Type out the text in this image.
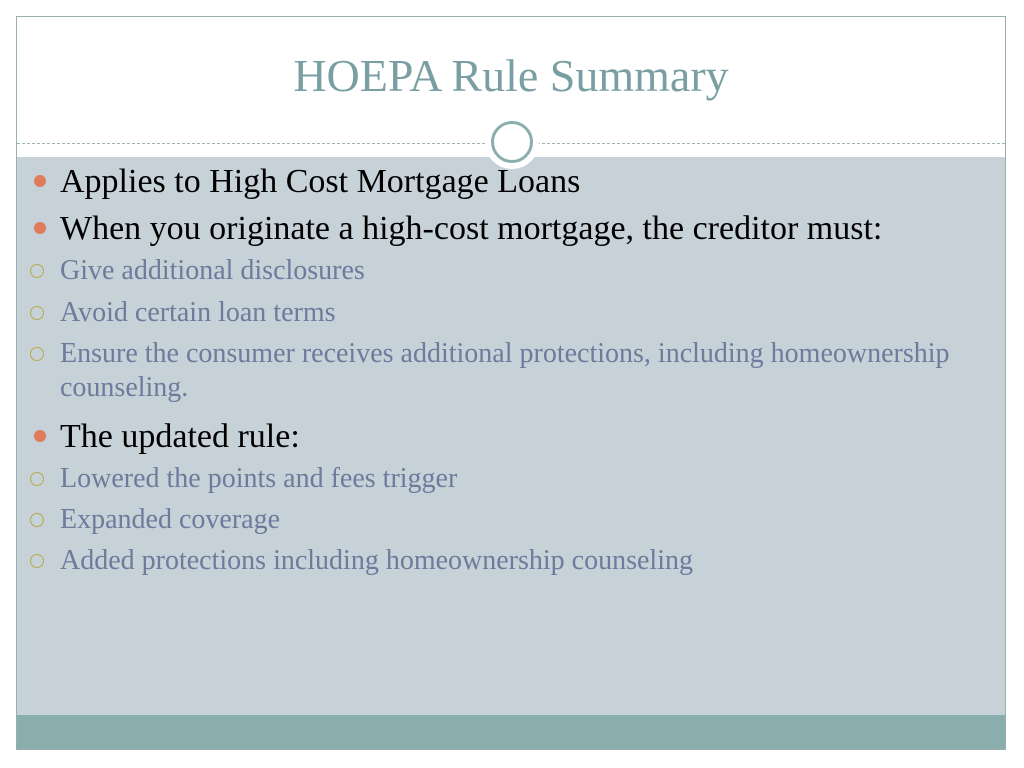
HOEPA Rule Summary
Applies to High Cost Mortgage Loans
When you originate a high-cost mortgage, the creditor must:
Give additional disclosures
Avoid certain loan terms
Ensure the consumer receives additional protections, including homeownership counseling.
The updated rule:
Lowered the points and fees trigger
Expanded coverage
Added protections including homeownership counseling
